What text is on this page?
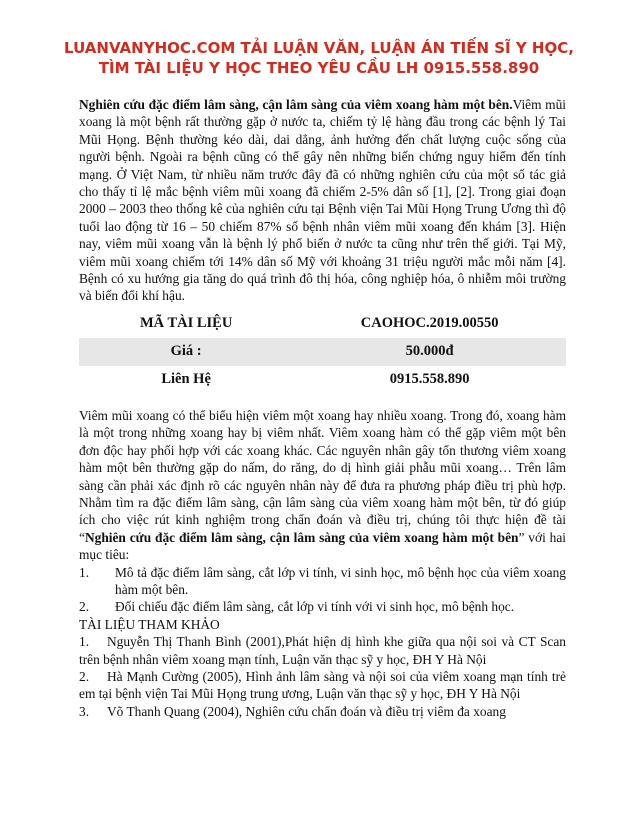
LUANVANYHOC.COM TẢI LUẬN VĂN, LUẬN ÁN TIẾN SĨ Y HỌC,
TÌM TÀI LIỆU Y HỌC THEO YÊU CẦU LH 0915.558.890

Nghiên cứu đặc điểm lâm sàng, cận lâm sàng của viêm xoang hàm một bên.Viêm mũi xoang là một bệnh rất thường gặp ở nước ta, chiếm tỷ lệ hàng đầu trong các bệnh lý Tai Mũi Họng. Bệnh thường kéo dài, dai dẳng, ảnh hưởng đến chất lượng cuộc sống của người bệnh. Ngoài ra bệnh cũng có thể gây nên những biến chứng nguy hiểm đến tính mạng. Ở Việt Nam, từ nhiều năm trước đây đã có những nghiên cứu của một số tác giả cho thấy tỉ lệ mắc bệnh viêm mũi xoang đã chiếm 2-5% dân số [1], [2]. Trong giai đoạn 2000 – 2003 theo thống kê của nghiên cứu tại Bệnh viện Tai Mũi Họng Trung Ương thì độ tuổi lao động từ 16 – 50 chiếm 87% số bệnh nhân viêm mũi xoang đến khám [3]. Hiện nay, viêm mũi xoang vẫn là bệnh lý phổ biến ở nước ta cũng như trên thế giới. Tại Mỹ, viêm mũi xoang chiếm tới 14% dân số Mỹ với khoảng 31 triệu người mắc mỗi năm [4]. Bệnh có xu hướng gia tăng do quá trình đô thị hóa, công nghiệp hóa, ô nhiễm môi trường và biến đổi khí hậu.

MÃ TÀI LIỆU	CAOHOC.2019.00550
Giá :	50.000đ
Liên Hệ	0915.558.890

Viêm mũi xoang có thể biểu hiện viêm một xoang hay nhiều xoang. Trong đó, xoang hàm là một trong những xoang hay bị viêm nhất. Viêm xoang hàm có thể gặp viêm một bên đơn độc hay phối hợp với các xoang khác. Các nguyên nhân gây tổn thương viêm xoang hàm một bên thường gặp do nấm, do răng, do dị hình giải phẫu mũi xoang… Trên lâm sàng cần phải xác định rõ các nguyên nhân này để đưa ra phương pháp điều trị phù hợp. Nhằm tìm ra đặc điểm lâm sàng, cận lâm sàng của viêm xoang hàm một bên, từ đó giúp ích cho việc rút kinh nghiệm trong chẩn đoán và điều trị, chúng tôi thực hiện đề tài “Nghiên cứu đặc điểm lâm sàng, cận lâm sàng của viêm xoang hàm một bên” với hai mục tiêu:

1.	Mô tả đặc điểm lâm sàng, cắt lớp vi tính, vi sinh học, mô bệnh học của viêm xoang hàm một bên.
2.	Đối chiếu đặc điểm lâm sàng, cắt lớp vi tính với vi sinh học, mô bệnh học.
TÀI LIỆU THAM KHẢO
1. Nguyễn Thị Thanh Bình (2001),Phát hiện dị hình khe giữa qua nội soi và CT Scan trên bệnh nhân viêm xoang mạn tính, Luận văn thạc sỹ y học, ĐH Y Hà Nội
2. Hà Mạnh Cường (2005), Hình ảnh lâm sàng và nội soi của viêm xoang mạn tính trẻ em tại bệnh viện Tai Mũi Họng trung ương, Luận văn thạc sỹ y học, ĐH Y Hà Nội
3. Võ Thanh Quang (2004), Nghiên cứu chẩn đoán và điều trị viêm đa xoang
